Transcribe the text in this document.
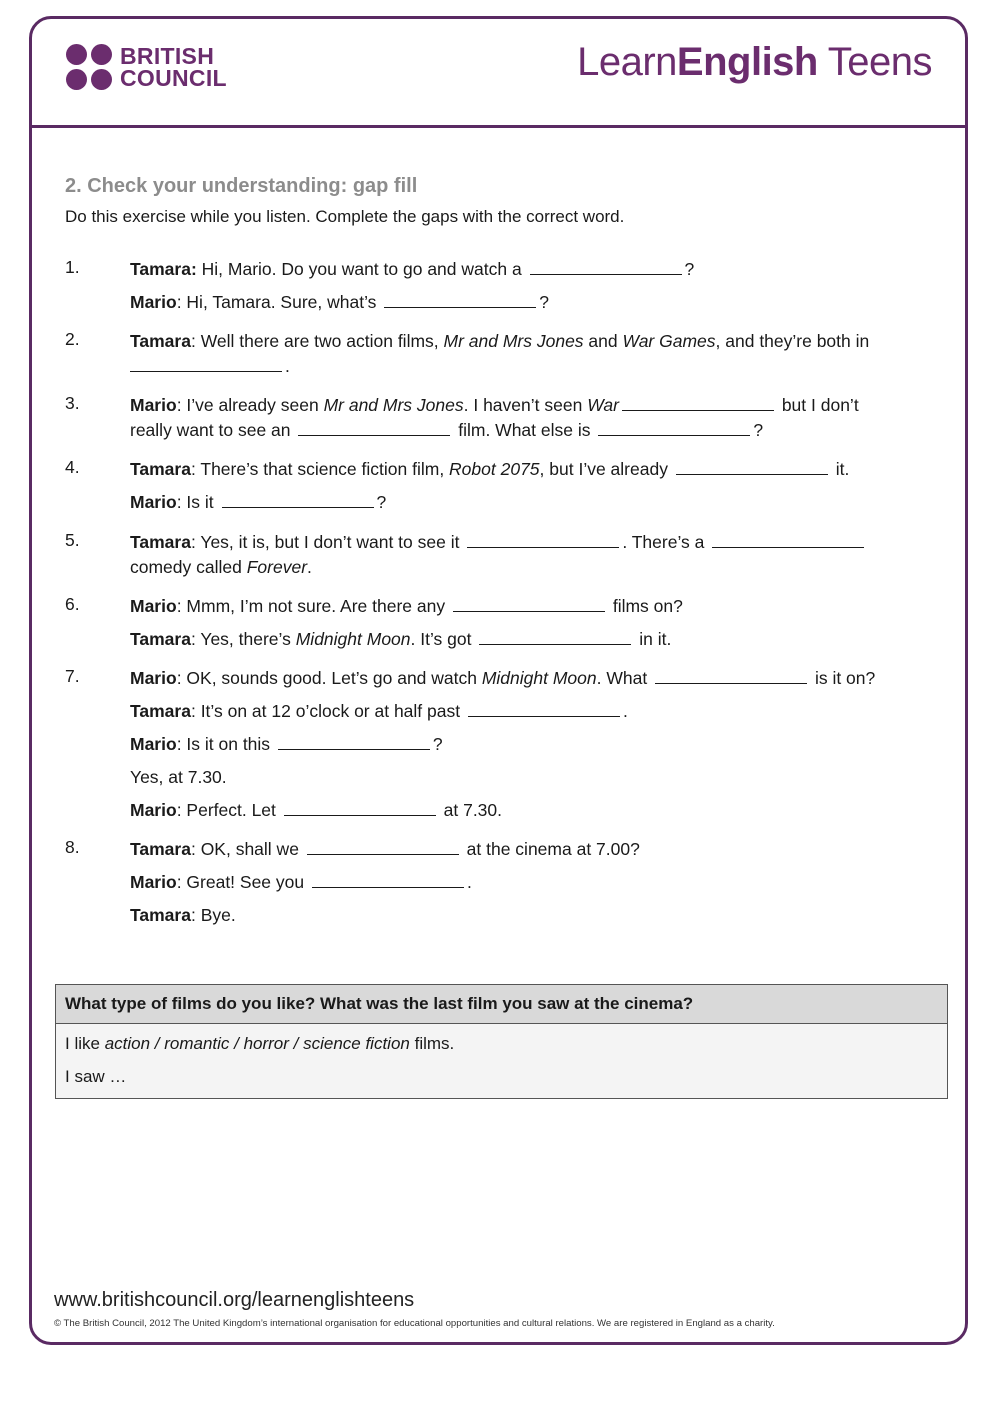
BRITISH
COUNCIL	LearnEnglish Teens
2. Check your understanding: gap fill
Do this exercise while you listen. Complete the gaps with the correct word.
1.	Tamara: Hi, Mario. Do you want to go and watch a	?
Mario: Hi, Tamara. Sure, what’s	?
2.	Tamara: Well there are two action films, Mr and Mrs Jones and War Games, and they’re both in
.
3.	Mario: I’ve already seen Mr and Mrs Jones. I haven’t seen War	but I don’t
really want to see an	film. What else is	?
4.	Tamara: There’s that science fiction film, Robot 2075, but I’ve already	it.
Mario: Is it	?
5.	Tamara: Yes, it is, but I don’t want to see it	. There’s a
comedy called Forever.
6.	Mario: Mmm, I’m not sure. Are there any	films on?
Tamara: Yes, there’s Midnight Moon. It’s got	in it.
7.	Mario: OK, sounds good. Let’s go and watch Midnight Moon. What	is it on?
Tamara: It’s on at 12 o’clock or at half past	.
Mario: Is it on this	?
Yes, at 7.30.
Mario: Perfect. Let	at 7.30.
8.	Tamara: OK, shall we	at the cinema at 7.00?
Mario: Great! See you	.
Tamara: Bye.
What type of films do you like? What was the last film you saw at the cinema?
I like action / romantic / horror / science fiction films.
I saw …
www.britishcouncil.org/learnenglishteens
© The British Council, 2012 The United Kingdom’s international organisation for educational opportunities and cultural relations. We are registered in England as a charity.
